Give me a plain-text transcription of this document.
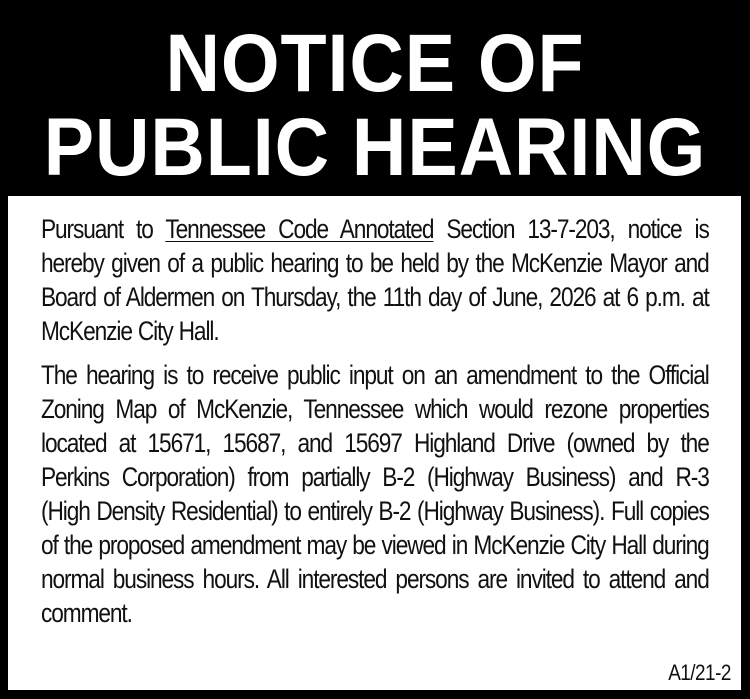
NOTICE OF
PUBLIC HEARING

Pursuant to Tennessee Code Annotated Section 13-7-203, notice is hereby given of a public hearing to be held by the McKenzie Mayor and Board of Aldermen on Thursday, the 11th day of June, 2026 at 6 p.m. at McKenzie City Hall.

The hearing is to receive public input on an amendment to the Official Zoning Map of McKenzie, Tennessee which would rezone properties located at 15671, 15687, and 15697 Highland Drive (owned by the Perkins Corporation) from partially B-2 (Highway Business) and R-3 (High Density Residential) to entirely B-2 (Highway Business). Full copies of the proposed amendment may be viewed in McKenzie City Hall during normal business hours. All interested persons are invited to attend and comment.

A1/21-2
